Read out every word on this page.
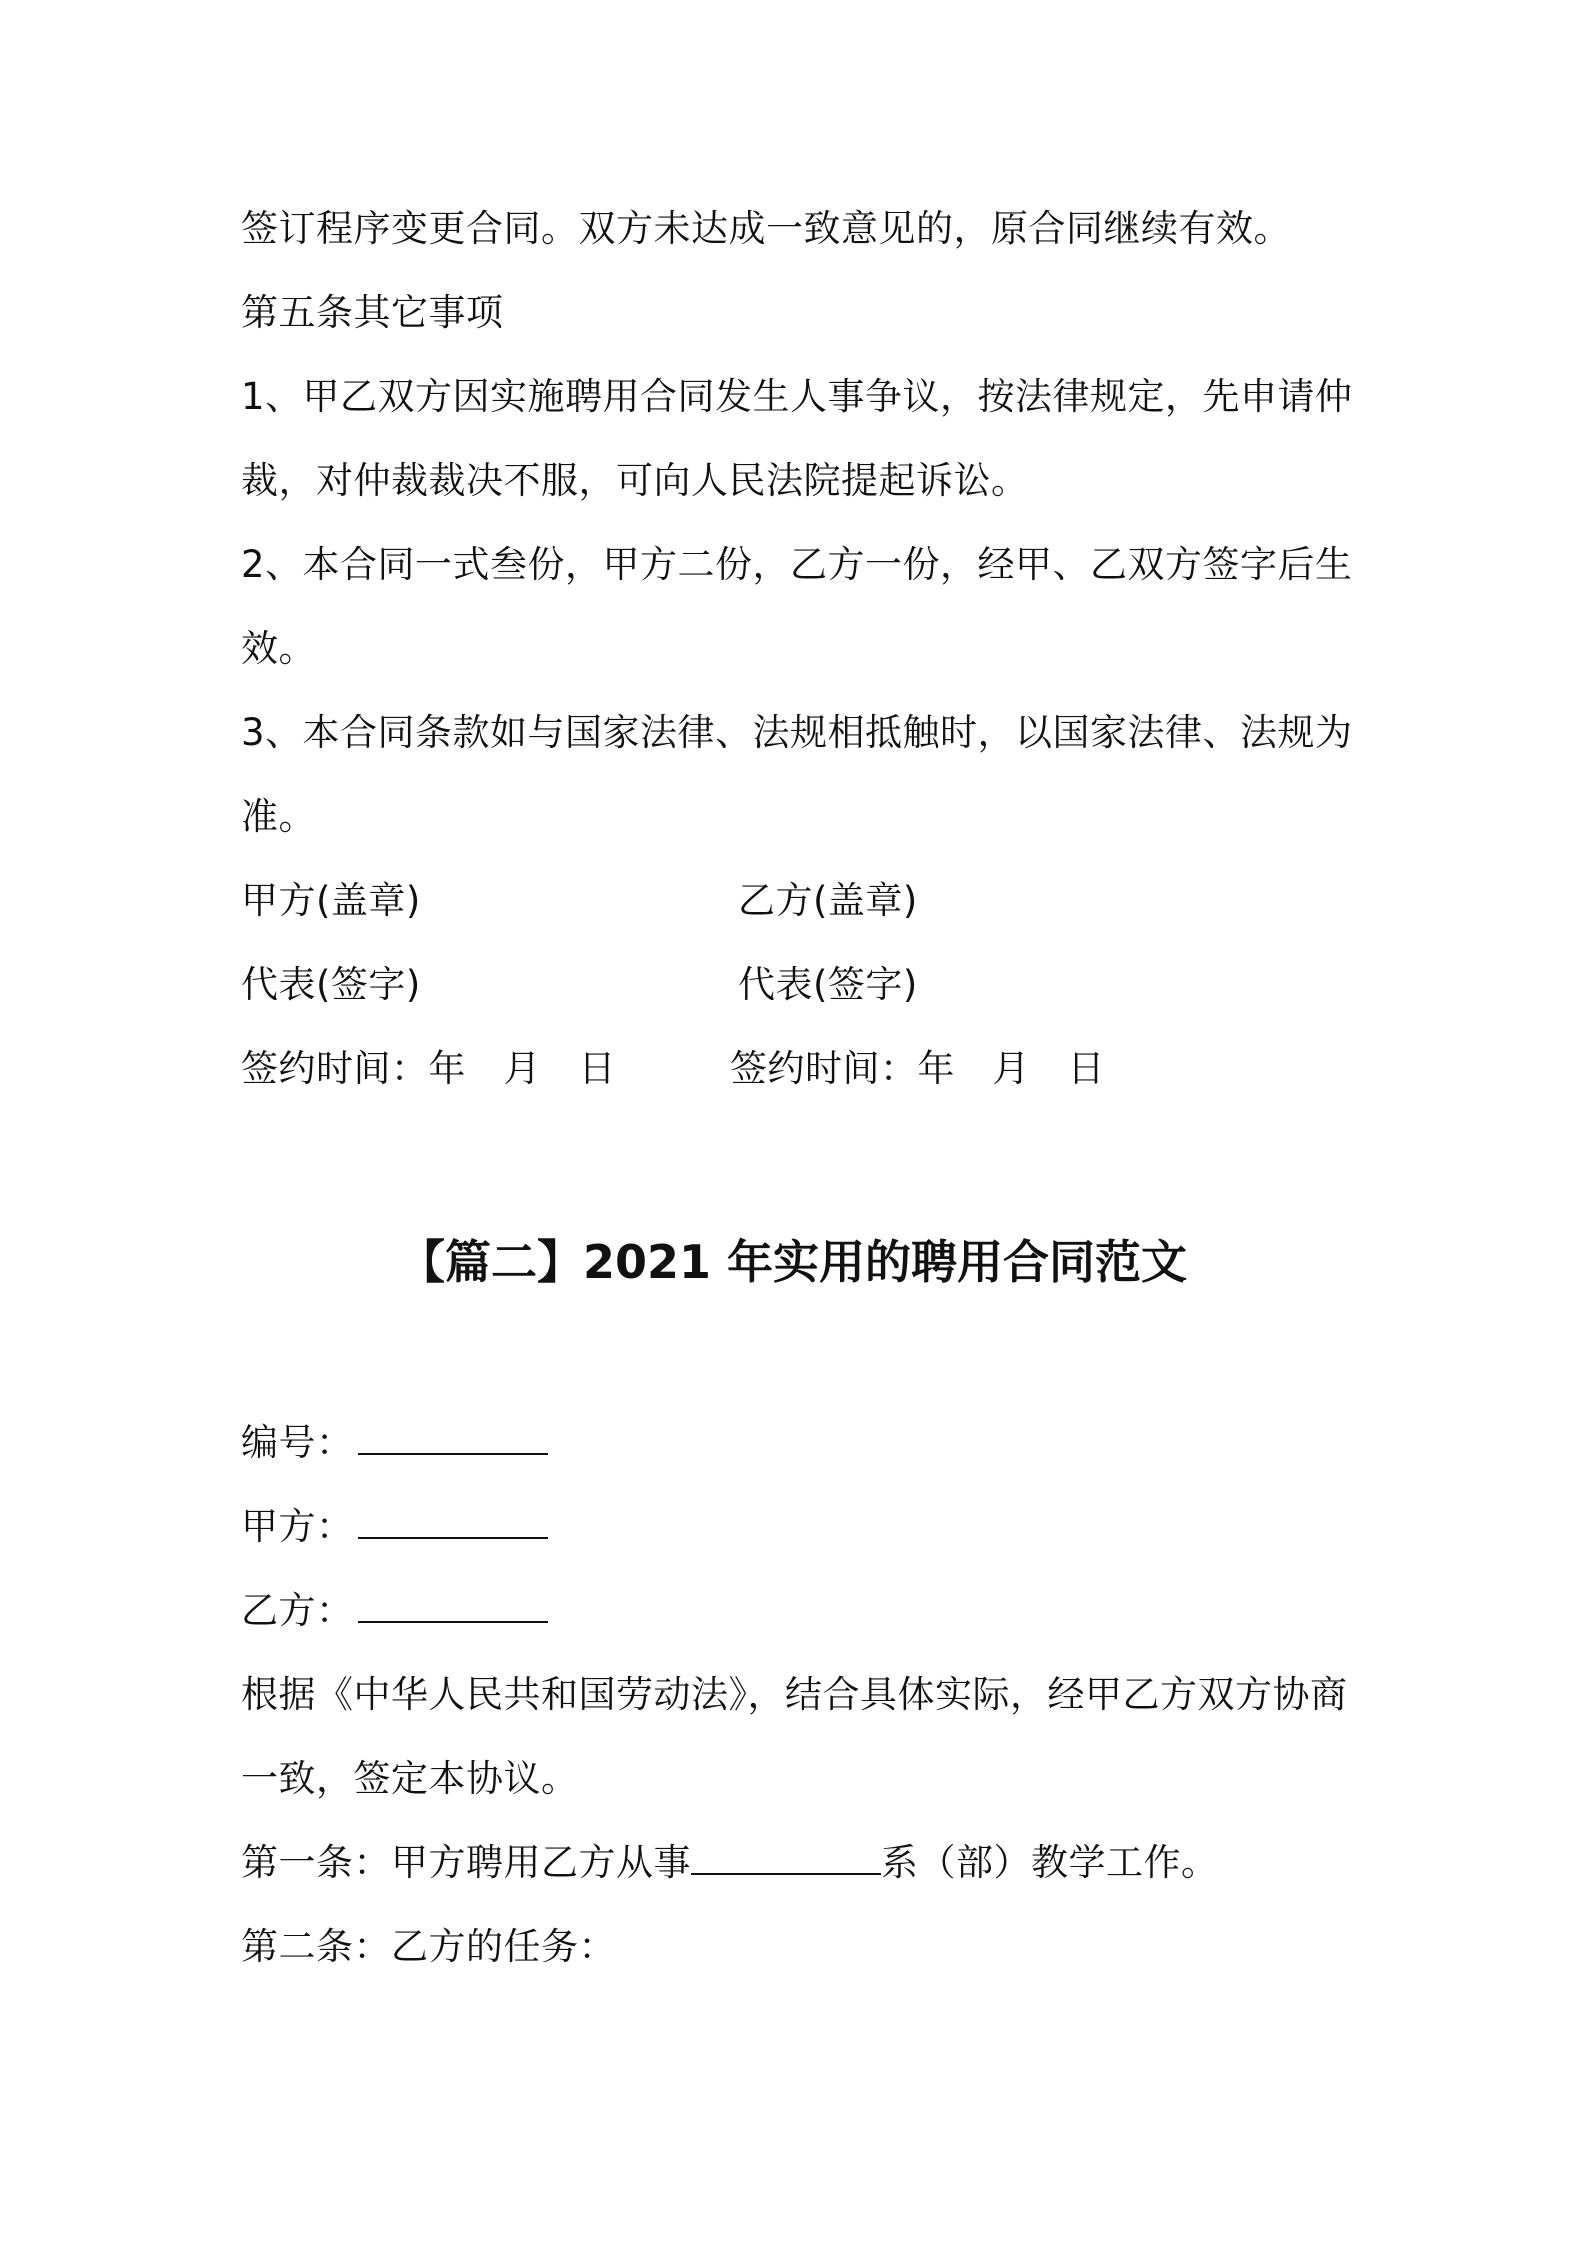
签订程序变更合同。双方未达成一致意见的，原合同继续有效。
第五条其它事项
1、甲乙双方因实施聘用合同发生人事争议，按法律规定，先申请仲
裁，对仲裁裁决不服，可向人民法院提起诉讼。
2、本合同一式叁份，甲方二份，乙方一份，经甲、乙双方签字后生
效。
3、本合同条款如与国家法律、法规相抵触时，以国家法律、法规为
准。
甲方(盖章)	乙方(盖章)
代表(签字)	代表(签字)
签约时间：年　月　日	签约时间：年　月　日
【篇二】2021 年实用的聘用合同范文
编号：
甲方：
乙方：
根据《中华人民共和国劳动法》，结合具体实际，经甲乙方双方协商
一致，签定本协议。
第一条：甲方聘用乙方从事	系（部）教学工作。
第二条：乙方的任务：
